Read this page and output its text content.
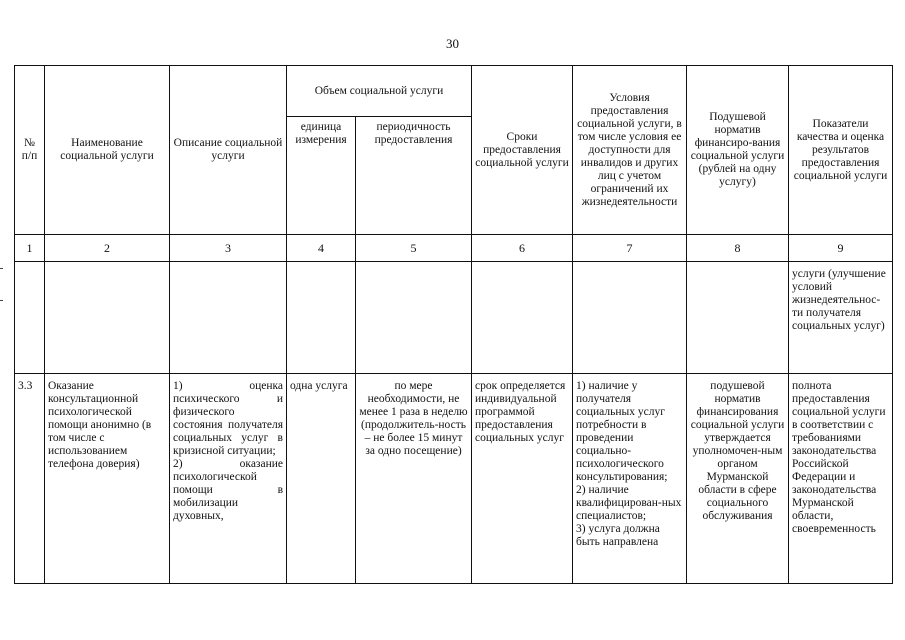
30
№ п/п	Наименование социальной услуги	Описание социальной услуги	Объем социальной услуги		Сроки предоставления социальной услуги	Условия предоставления социальной услуги, в том числе условия ее доступности для инвалидов и других лиц с учетом ограничений их жизнедеятельности	Подушевой норматив финансиро-вания социальной услуги (рублей на одну услугу)	Показатели качества и оценка результатов предоставления социальной услуги
			единица измерения	периодичность предоставления				
1	2	3	4	5	6	7	8	9
								услуги (улучшение условий жизнедеятельнос-ти получателя социальных услуг)
3.3	Оказание консультационной психологической помощи анонимно (в том числе с использованием телефона доверия)	1) оценка психического и физического состояния получателя социальных услуг в кризисной ситуации;
2) оказание психологической помощи в мобилизации духовных,	одна услуга	по мере необходимости, не менее 1 раза в неделю (продолжитель-ность – не более 15 минут за одно посещение)	срок определяется индивидуальной программой предоставления социальных услуг	1) наличие у получателя социальных услуг потребности в проведении социально-психологического консультирования;
2) наличие квалифицирован-ных специалистов;
3) услуга должна быть направлена	подушевой норматив финансирования социальной услуги утверждается уполномочен-ным органом Мурманской области в сфере социального обслуживания	полнота предоставления социальной услуги в соответствии с требованиями законодательства Российской Федерации и законодательства Мурманской области, своевременность
